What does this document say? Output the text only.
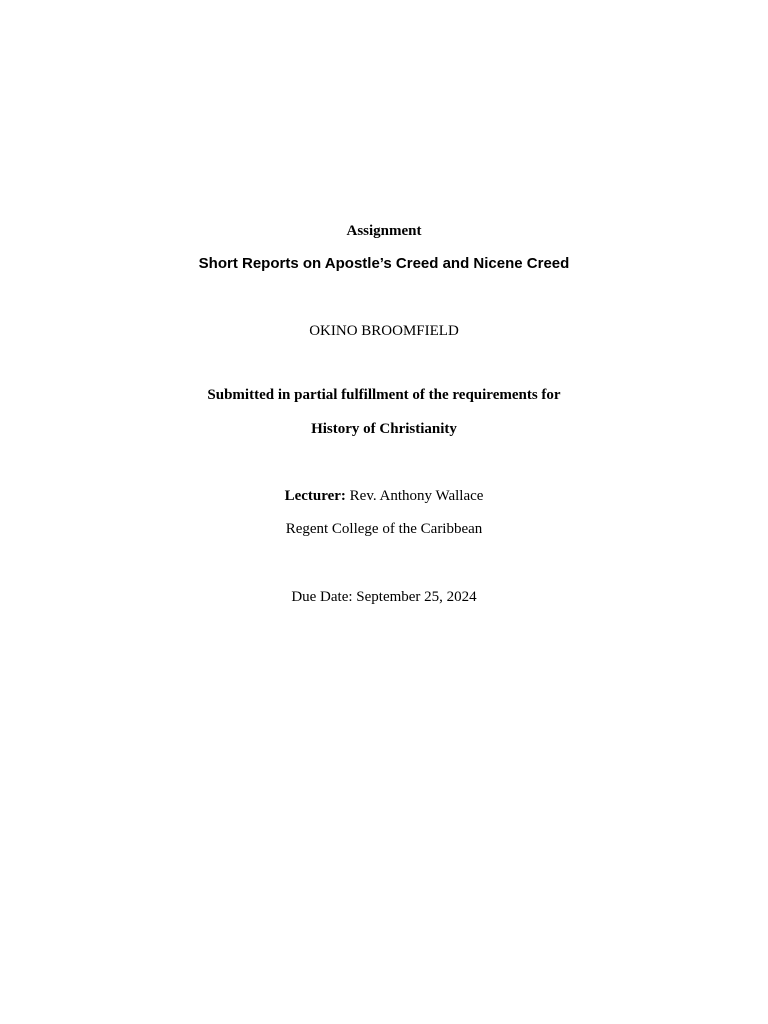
Assignment
Short Reports on Apostle’s Creed and Nicene Creed
OKINO BROOMFIELD
Submitted in partial fulfillment of the requirements for
History of Christianity
Lecturer: Rev. Anthony Wallace
Regent College of the Caribbean
Due Date: September 25, 2024
